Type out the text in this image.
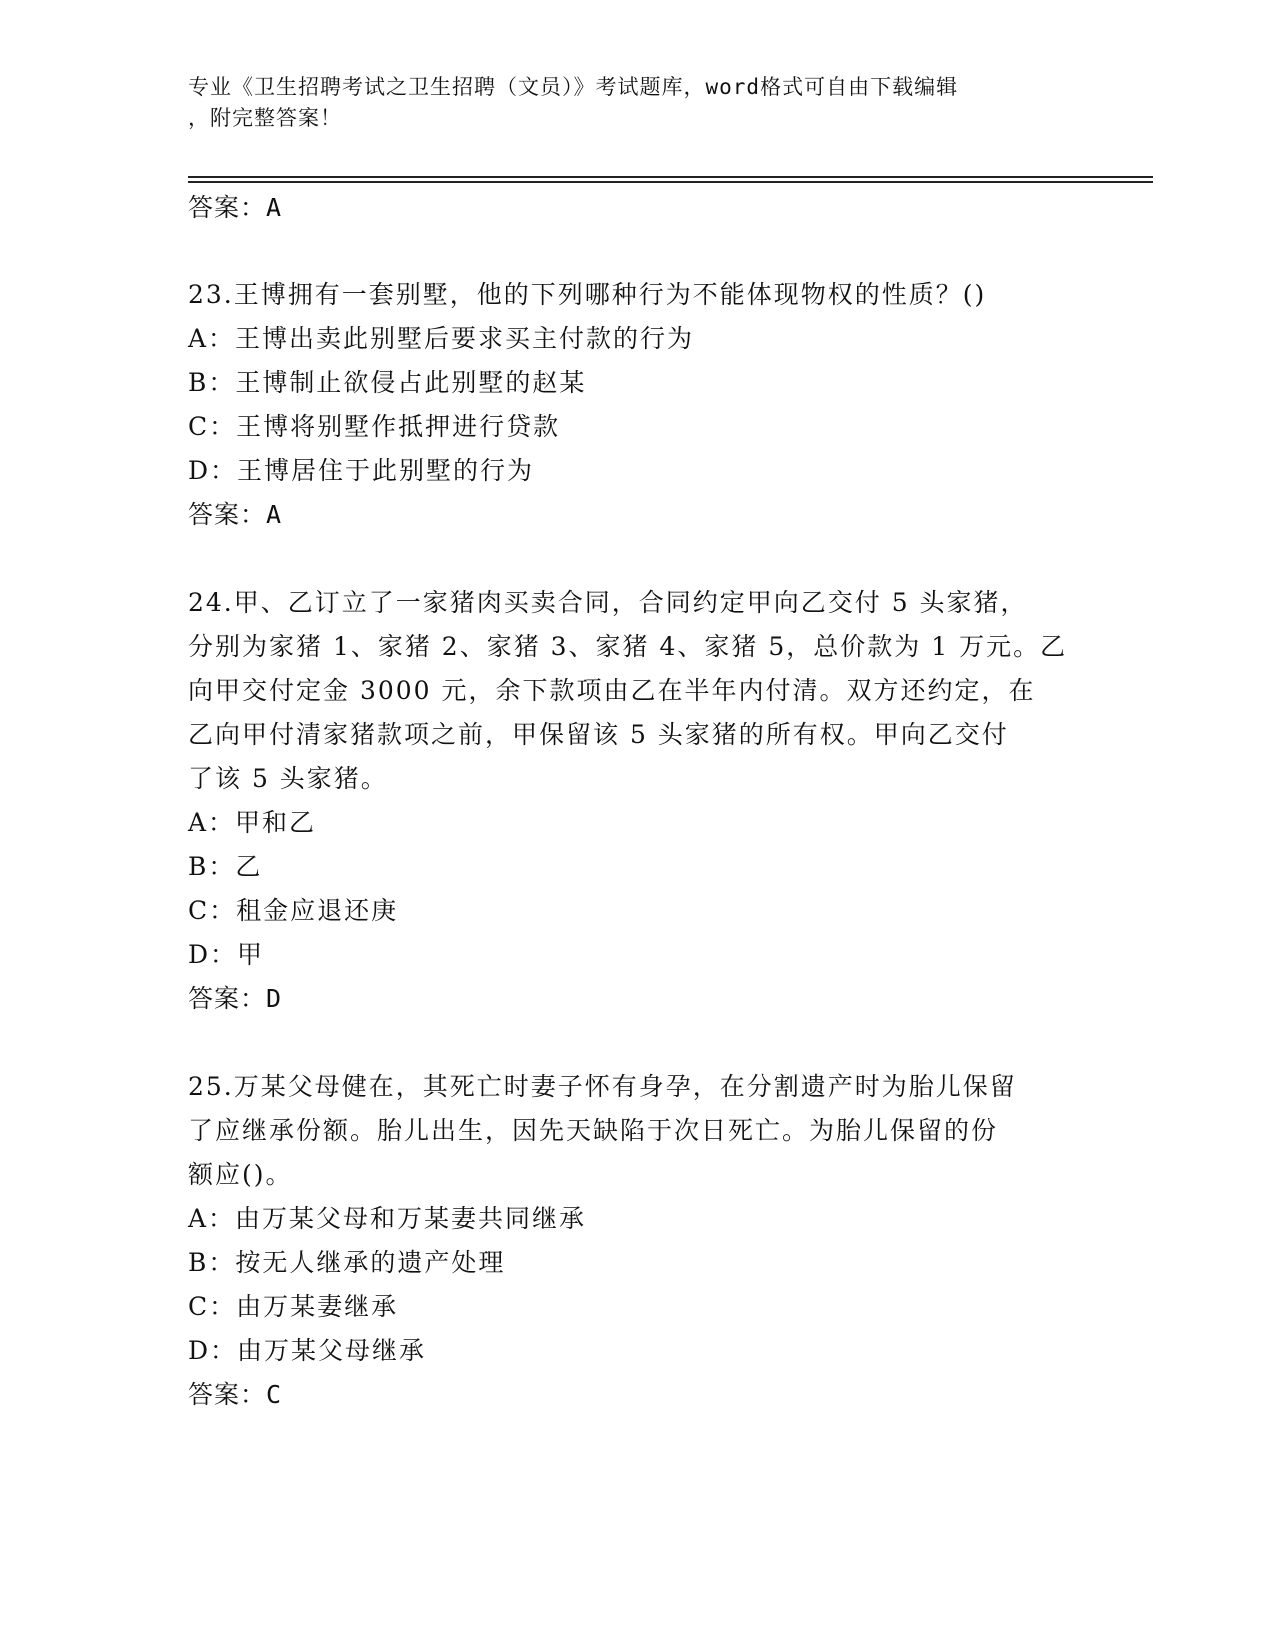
专业《卫生招聘考试之卫生招聘（文员）》考试题库，word格式可自由下载编辑
，附完整答案！
答案：A
23.王博拥有一套别墅，他的下列哪种行为不能体现物权的性质？()
A：王博出卖此别墅后要求买主付款的行为
B：王博制止欲侵占此别墅的赵某
C：王博将别墅作抵押进行贷款
D：王博居住于此别墅的行为
答案：A
24.甲、乙订立了一家猪肉买卖合同，合同约定甲向乙交付 5 头家猪，
分别为家猪 1、家猪 2、家猪 3、家猪 4、家猪 5，总价款为 1 万元。乙
向甲交付定金 3000 元，余下款项由乙在半年内付清。双方还约定，在
乙向甲付清家猪款项之前，甲保留该 5 头家猪的所有权。甲向乙交付
了该 5 头家猪。
A：甲和乙
B：乙
C：租金应退还庚
D：甲
答案：D
25.万某父母健在，其死亡时妻子怀有身孕，在分割遗产时为胎儿保留
了应继承份额。胎儿出生，因先天缺陷于次日死亡。为胎儿保留的份
额应()。
A：由万某父母和万某妻共同继承
B：按无人继承的遗产处理
C：由万某妻继承
D：由万某父母继承
答案：C
